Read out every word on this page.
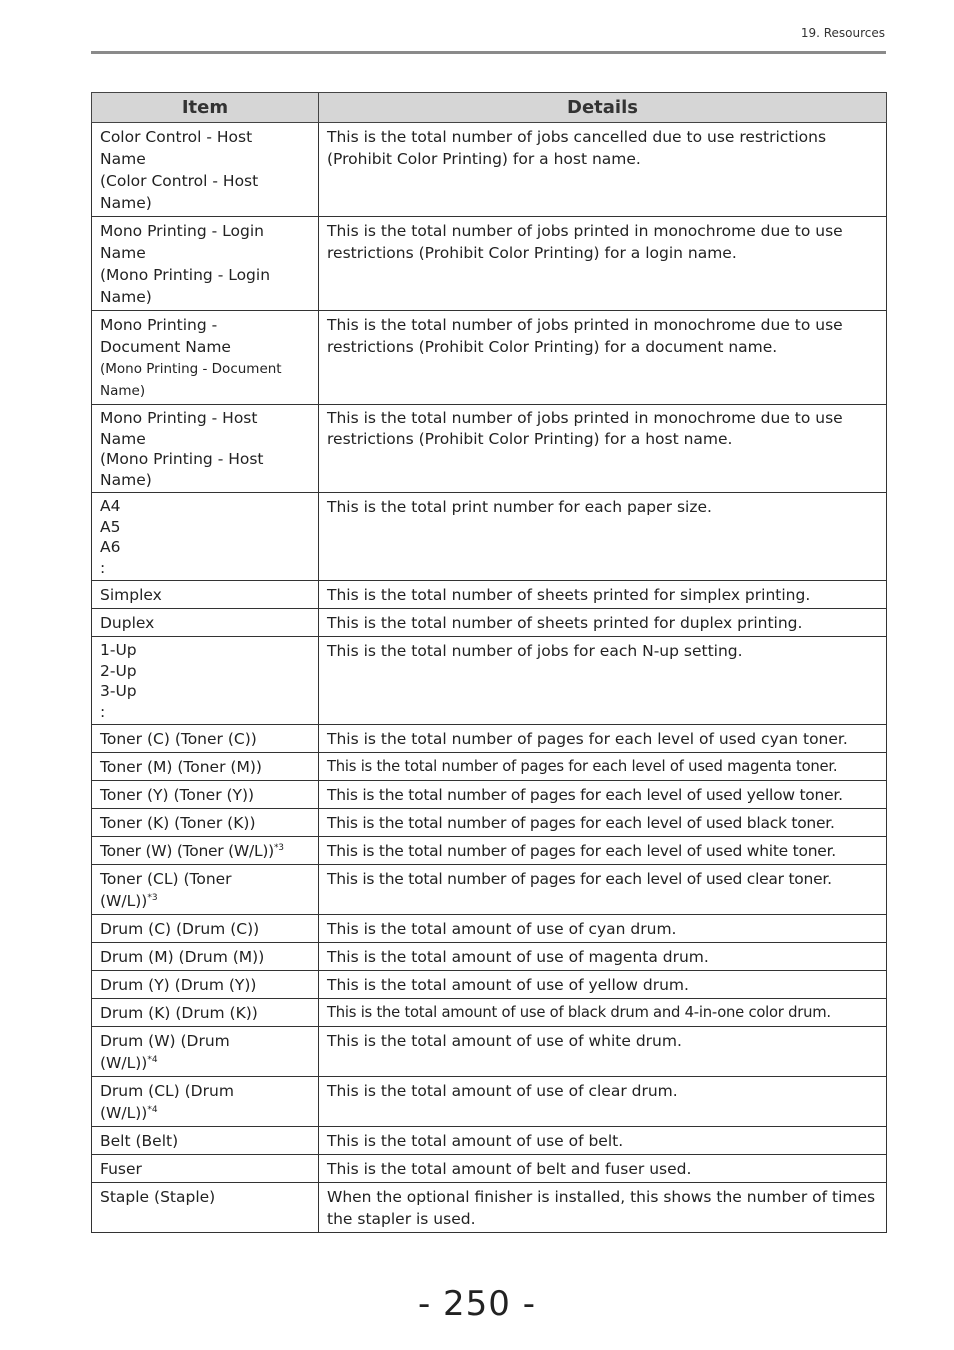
19. Resources
Item	Details

Color Control - Host
Name
(Color Control - Host
Name)	This is the total number of jobs cancelled due to use restrictions (Prohibit Color Printing) for a host name.

Mono Printing - Login
Name
(Mono Printing - Login
Name)	This is the total number of jobs printed in monochrome due to use restrictions (Prohibit Color Printing) for a login name.

Mono Printing -
Document Name
(Mono Printing - Document
Name)	This is the total number of jobs printed in monochrome due to use restrictions (Prohibit Color Printing) for a document name.

Mono Printing - Host
Name
(Mono Printing - Host
Name)	This is the total number of jobs printed in monochrome due to use restrictions (Prohibit Color Printing) for a host name.

A4
A5
A6
:	This is the total print number for each paper size.
Simplex	This is the total number of sheets printed for simplex printing.
Duplex	This is the total number of sheets printed for duplex printing.

1-Up
2-Up
3-Up
:	This is the total number of jobs for each N-up setting.
Toner (C) (Toner (C))	This is the total number of pages for each level of used cyan toner.
Toner (M) (Toner (M))	This is the total number of pages for each level of used magenta toner.
Toner (Y) (Toner (Y))	This is the total number of pages for each level of used yellow toner.
Toner (K) (Toner (K))	This is the total number of pages for each level of used black toner.
Toner (W) (Toner (W/L))$^{*3}$	This is the total number of pages for each level of used white toner.

Toner (CL) (Toner
(W/L))$^{*3}$	This is the total number of pages for each level of used clear toner.
Drum (C) (Drum (C))	This is the total amount of use of cyan drum.
Drum (M) (Drum (M))	This is the total amount of use of magenta drum.
Drum (Y) (Drum (Y))	This is the total amount of use of yellow drum.
Drum (K) (Drum (K))	This is the total amount of use of black drum and 4-in-one color drum.

Drum (W) (Drum
(W/L))$^{*4}$	This is the total amount of use of white drum.

Drum (CL) (Drum
(W/L))$^{*4}$	This is the total amount of use of clear drum.
Belt (Belt)	This is the total amount of use of belt.
Fuser	This is the total amount of belt and fuser used.
Staple (Staple)	When the optional finisher is installed, this shows the number of times the stapler is used.
- 250 -
